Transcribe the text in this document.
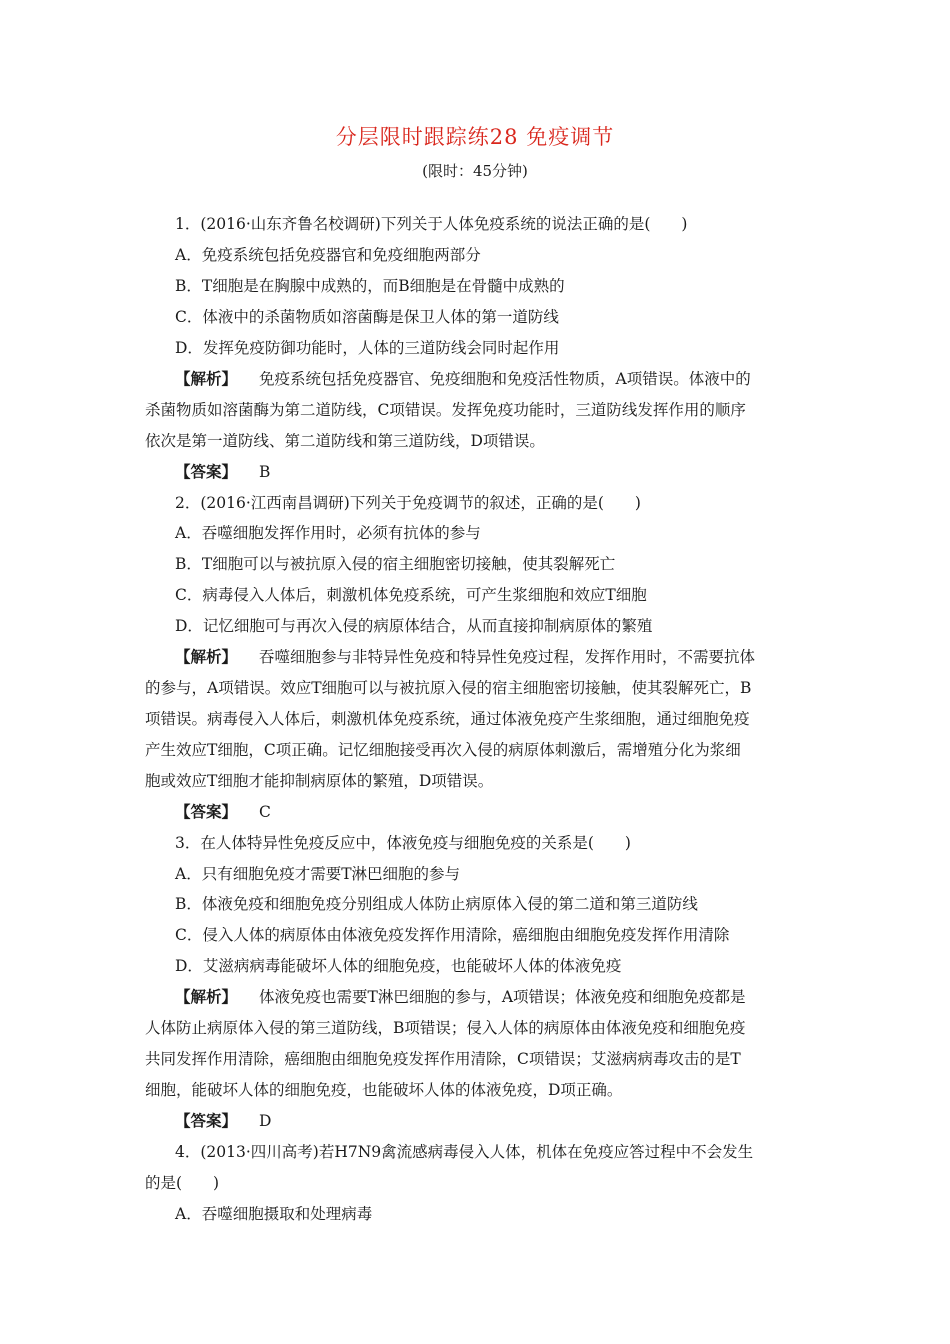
分层限时跟踪练28 免疫调节
(限时：45分钟)
1．(2016·山东齐鲁名校调研)下列关于人体免疫系统的说法正确的是(　　)
A．免疫系统包括免疫器官和免疫细胞两部分
B．T细胞是在胸腺中成熟的，而B细胞是在骨髓中成熟的
C．体液中的杀菌物质如溶菌酶是保卫人体的第一道防线
D．发挥免疫防御功能时，人体的三道防线会同时起作用
【解析】 免疫系统包括免疫器官、免疫细胞和免疫活性物质，A项错误。体液中的
杀菌物质如溶菌酶为第二道防线，C项错误。发挥免疫功能时，三道防线发挥作用的顺序
依次是第一道防线、第二道防线和第三道防线，D项错误。
【答案】 B
2．(2016·江西南昌调研)下列关于免疫调节的叙述，正确的是(　　)
A．吞噬细胞发挥作用时，必须有抗体的参与
B．T细胞可以与被抗原入侵的宿主细胞密切接触，使其裂解死亡
C．病毒侵入人体后，刺激机体免疫系统，可产生浆细胞和效应T细胞
D．记忆细胞可与再次入侵的病原体结合，从而直接抑制病原体的繁殖
【解析】 吞噬细胞参与非特异性免疫和特异性免疫过程，发挥作用时，不需要抗体
的参与，A项错误。效应T细胞可以与被抗原入侵的宿主细胞密切接触，使其裂解死亡，B
项错误。病毒侵入人体后，刺激机体免疫系统，通过体液免疫产生浆细胞，通过细胞免疫
产生效应T细胞，C项正确。记忆细胞接受再次入侵的病原体刺激后，需增殖分化为浆细
胞或效应T细胞才能抑制病原体的繁殖，D项错误。
【答案】 C
3．在人体特异性免疫反应中，体液免疫与细胞免疫的关系是(　　)
A．只有细胞免疫才需要T淋巴细胞的参与
B．体液免疫和细胞免疫分别组成人体防止病原体入侵的第二道和第三道防线
C．侵入人体的病原体由体液免疫发挥作用清除，癌细胞由细胞免疫发挥作用清除
D．艾滋病病毒能破坏人体的细胞免疫，也能破坏人体的体液免疫
【解析】 体液免疫也需要T淋巴细胞的参与，A项错误；体液免疫和细胞免疫都是
人体防止病原体入侵的第三道防线，B项错误；侵入人体的病原体由体液免疫和细胞免疫
共同发挥作用清除，癌细胞由细胞免疫发挥作用清除，C项错误；艾滋病病毒攻击的是T
细胞，能破坏人体的细胞免疫，也能破坏人体的体液免疫，D项正确。
【答案】 D
4．(2013·四川高考)若H7N9禽流感病毒侵入人体，机体在免疫应答过程中不会发生
的是(　　)
A．吞噬细胞摄取和处理病毒
